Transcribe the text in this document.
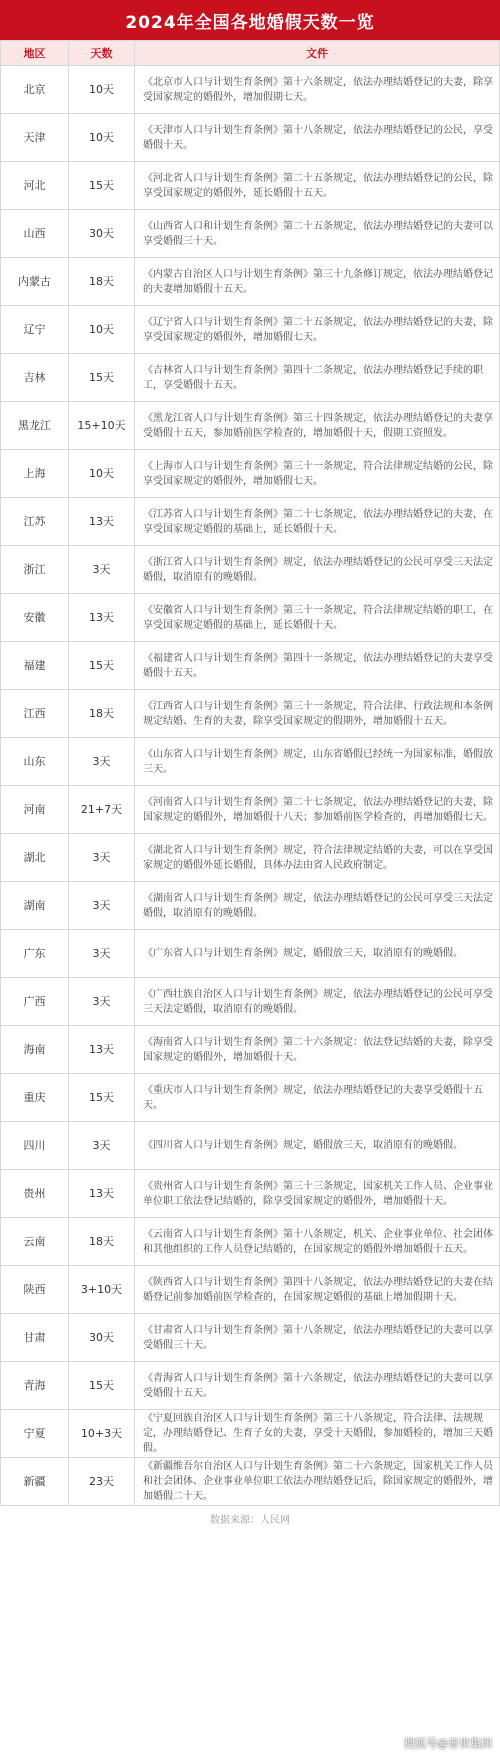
2024年全国各地婚假天数一览
地区	天数	文件
北京	10天	《北京市人口与计划生育条例》第十六条规定，依法办理结婚登记的夫妻，除享受国家规定的婚假外，增加假期七天。
天津	10天	《天津市人口与计划生育条例》第十八条规定，依法办理结婚登记的公民，享受婚假十天。
河北	15天	《河北省人口与计划生育条例》第二十五条规定，依法办理结婚登记的公民，除享受国家规定的婚假外，延长婚假十五天。
山西	30天	《山西省人口和计划生育条例》第二十五条规定，依法办理结婚登记的夫妻可以享受婚假三十天。
内蒙古	18天	《内蒙古自治区人口与计划生育条例》第三十九条修订规定，依法办理结婚登记的夫妻增加婚假十五天。
辽宁	10天	《辽宁省人口与计划生育条例》第二十五条规定，依法办理结婚登记的夫妻，除享受国家规定的婚假外，增加婚假七天。
吉林	15天	《吉林省人口与计划生育条例》第四十二条规定，依法办理结婚登记手续的职工，享受婚假十五天。
黑龙江	15+10天	《黑龙江省人口与计划生育条例》第三十四条规定，依法办理结婚登记的夫妻享受婚假十五天，参加婚前医学检查的，增加婚假十天，假期工资照发。
上海	10天	《上海市人口与计划生育条例》第三十一条规定，符合法律规定结婚的公民，除享受国家规定的婚假外，增加婚假七天。
江苏	13天	《江苏省人口与计划生育条例》第二十七条规定，依法办理结婚登记的夫妻，在享受国家规定婚假的基础上，延长婚假十天。
浙江	3天	《浙江省人口与计划生育条例》规定，依法办理结婚登记的公民可享受三天法定婚假，取消原有的晚婚假。
安徽	13天	《安徽省人口与计划生育条例》第三十一条规定，符合法律规定结婚的职工，在享受国家规定婚假的基础上，延长婚假十天。
福建	15天	《福建省人口与计划生育条例》第四十一条规定，依法办理结婚登记的夫妻享受婚假十五天。
江西	18天	《江西省人口与计划生育条例》第三十一条规定，符合法律、行政法规和本条例规定结婚、生育的夫妻，除享受国家规定的假期外，增加婚假十五天。
山东	3天	《山东省人口与计划生育条例》规定，山东省婚假已经统一为国家标准，婚假放三天。
河南	21+7天	《河南省人口与计划生育条例》第二十七条规定，依法办理结婚登记的夫妻，除国家规定的婚假外，增加婚假十八天；参加婚前医学检查的，再增加婚假七天。
湖北	3天	《湖北省人口与计划生育条例》规定，符合法律规定结婚的夫妻，可以在享受国家规定的婚假外延长婚假，具体办法由省人民政府制定。
湖南	3天	《湖南省人口与计划生育条例》规定，依法办理结婚登记的公民可享受三天法定婚假，取消原有的晚婚假。
广东	3天	《广东省人口与计划生育条例》规定，婚假放三天，取消原有的晚婚假。
广西	3天	《广西壮族自治区人口与计划生育条例》规定，依法办理结婚登记的公民可享受三天法定婚假，取消原有的晚婚假。
海南	13天	《海南省人口与计划生育条例》第二十六条规定：依法登记结婚的夫妻，除享受国家规定的婚假外，增加婚假十天。
重庆	15天	《重庆市人口与计划生育条例》规定，依法办理结婚登记的夫妻享受婚假十五天。
四川	3天	《四川省人口与计划生育条例》规定，婚假放三天，取消原有的晚婚假。
贵州	13天	《贵州省人口与计划生育条例》第三十三条规定，国家机关工作人员、企业事业单位职工依法登记结婚的，除享受国家规定的婚假外，增加婚假十天。
云南	18天	《云南省人口与计划生育条例》第十八条规定，机关、企业事业单位、社会团体和其他组织的工作人员登记结婚的，在国家规定的婚假外增加婚假十五天。
陕西	3+10天	《陕西省人口与计划生育条例》第四十八条规定，依法办理结婚登记的夫妻在结婚登记前参加婚前医学检查的，在国家规定婚假的基础上增加假期十天。
甘肃	30天	《甘肃省人口与计划生育条例》第十八条规定，依法办理结婚登记的夫妻可以享受婚假三十天。
青海	15天	《青海省人口与计划生育条例》第十六条规定，依法办理结婚登记的夫妻可以享受婚假十五天。
宁夏	10+3天	《宁夏回族自治区人口与计划生育条例》第三十八条规定，符合法律、法规规定，办理结婚登记、生育子女的夫妻，享受十天婚假，参加婚检的，增加三天婚假。
新疆	23天	《新疆维吾尔自治区人口与计划生育条例》第二十六条规定，国家机关工作人员和社会团体、企业事业单位职工依法办理结婚登记后，除国家规定的婚假外，增加婚假二十天。
数据来源：人民网
搜狐号@普世集团
